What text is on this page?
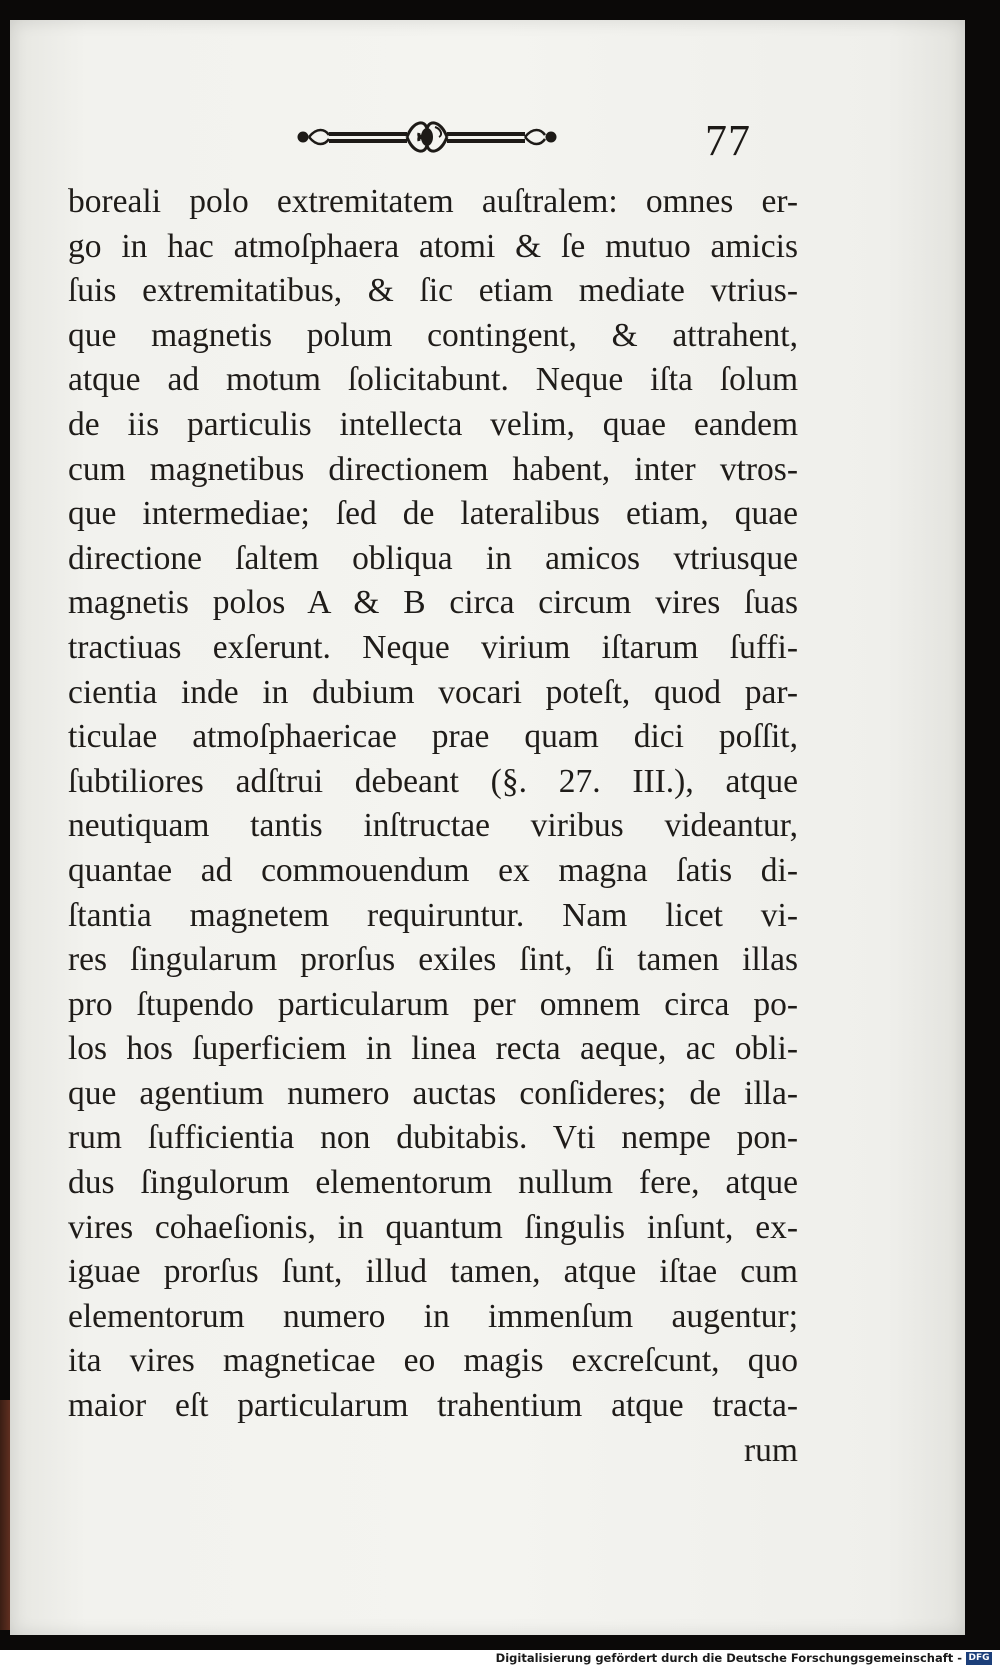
77
boreali polo extremitatem auſtralem: omnes er-
go in hac atmoſphaera atomi & ſe mutuo amicis
ſuis extremitatibus, & ſic etiam mediate vtrius-
que magnetis polum contingent, & attrahent,
atque ad motum ſolicitabunt. Neque iſta ſolum
de iis particulis intellecta velim, quae eandem
cum magnetibus directionem habent, inter vtros-
que intermediae; ſed de lateralibus etiam, quae
directione ſaltem obliqua in amicos vtriusque
magnetis polos A & B circa circum vires ſuas
tractiuas exſerunt. Neque virium iſtarum ſuffi-
cientia inde in dubium vocari poteſt, quod par-
ticulae atmoſphaericae prae quam dici poſſit,
ſubtiliores adſtrui debeant (§. 27. III.), atque
neutiquam tantis inſtructae viribus videantur,
quantae ad commouendum ex magna ſatis di-
ſtantia magnetem requiruntur. Nam licet vi-
res ſingularum prorſus exiles ſint, ſi tamen illas
pro ſtupendo particularum per omnem circa po-
los hos ſuperficiem in linea recta aeque, ac obli-
que agentium numero auctas conſideres; de illa-
rum ſufficientia non dubitabis. Vti nempe pon-
dus ſingulorum elementorum nullum fere, atque
vires cohaeſionis, in quantum ſingulis inſunt, ex-
iguae prorſus ſunt, illud tamen, atque iſtae cum
elementorum numero in immenſum augentur;
ita vires magneticae eo magis excreſcunt, quo
maior eſt particularum trahentium atque tracta-
rum
Digitalisierung gefördert durch die Deutsche Forschungsgemeinschaft - DFG
